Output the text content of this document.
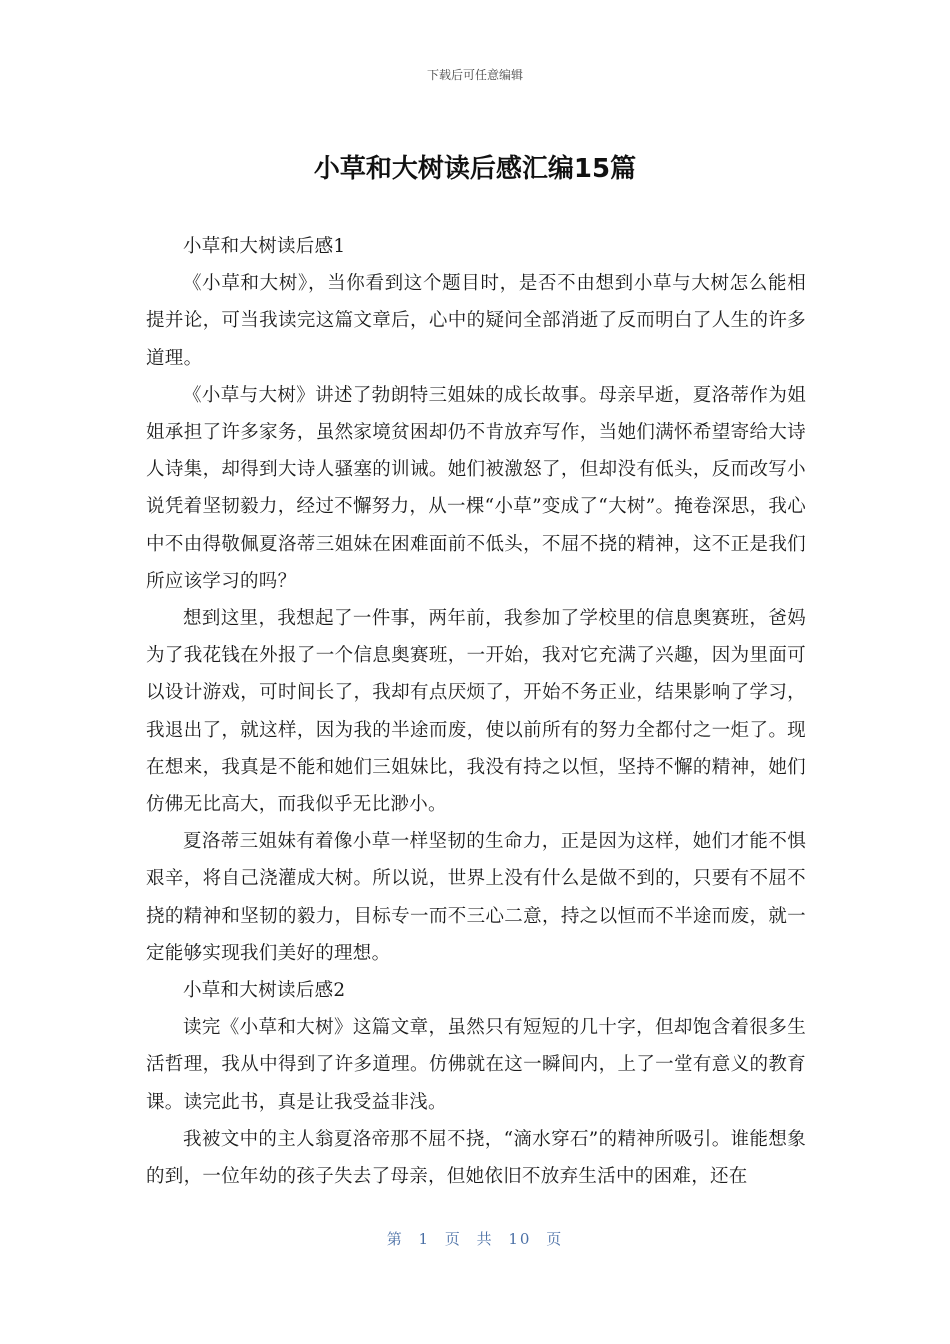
下载后可任意编辑
小草和大树读后感汇编15篇

小草和大树读后感1

《小草和大树》，当你看到这个题目时，是否不由想到小草与大树怎么能相提并论，可当我读完这篇文章后，心中的疑问全部消逝了反而明白了人生的许多道理。

《小草与大树》讲述了勃朗特三姐妹的成长故事。母亲早逝，夏洛蒂作为姐姐承担了许多家务，虽然家境贫困却仍不肯放弃写作，当她们满怀希望寄给大诗人诗集，却得到大诗人骚塞的训诫。她们被激怒了，但却没有低头，反而改写小说凭着坚韧毅力，经过不懈努力，从一棵“小草”变成了“大树”。掩卷深思，我心中不由得敬佩夏洛蒂三姐妹在困难面前不低头，不屈不挠的精神，这不正是我们所应该学习的吗？

想到这里，我想起了一件事，两年前，我参加了学校里的信息奥赛班，爸妈为了我花钱在外报了一个信息奥赛班，一开始，我对它充满了兴趣，因为里面可以设计游戏，可时间长了，我却有点厌烦了，开始不务正业，结果影响了学习，我退出了，就这样，因为我的半途而废，使以前所有的努力全都付之一炬了。现在想来，我真是不能和她们三姐妹比，我没有持之以恒，坚持不懈的精神，她们仿佛无比高大，而我似乎无比渺小。

夏洛蒂三姐妹有着像小草一样坚韧的生命力，正是因为这样，她们才能不惧艰辛，将自己浇灌成大树。所以说，世界上没有什么是做不到的，只要有不屈不挠的精神和坚韧的毅力，目标专一而不三心二意，持之以恒而不半途而废，就一定能够实现我们美好的理想。

小草和大树读后感2

读完《小草和大树》这篇文章，虽然只有短短的几十字，但却饱含着很多生活哲理，我从中得到了许多道理。仿佛就在这一瞬间内，上了一堂有意义的教育课。读完此书，真是让我受益非浅。

我被文中的主人翁夏洛帝那不屈不挠，“滴水穿石”的精神所吸引。谁能想象的到，一位年幼的孩子失去了母亲，但她依旧不放弃生活中的困难，还在

第 1 页 共 10 页
